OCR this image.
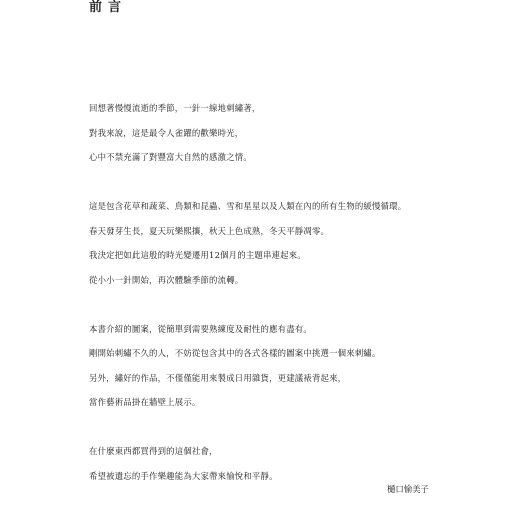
前言

回想著慢慢流逝的季節，一針一線地刺繡著，
對我來說，這是最令人雀躍的歡樂時光，
心中不禁充滿了對豐富大自然的感激之情。

這是包含花草和蔬菜、鳥類和昆蟲、雪和星星以及人類在內的所有生物的緩慢循環。
春天發芽生長，夏天玩樂熙攘，秋天上色成熟，冬天平靜凋零。
我決定把如此這般的時光變遷用12個月的主題串連起來。
從小小一針開始，再次體驗季節的流轉。

本書介紹的圖案，從簡單到需要熟練度及耐性的應有盡有。
剛開始刺繡不久的人，不妨從包含其中的各式各樣的圖案中挑選一個來刺繡。
另外，繡好的作品，不僅僅能用來製成日用雜貨，更建議裱背起來，
當作藝術品掛在牆壁上展示。

在什麼東西都買得到的這個社會，
希望被遺忘的手作樂趣能為大家帶來愉悅和平靜。

樋口愉美子
